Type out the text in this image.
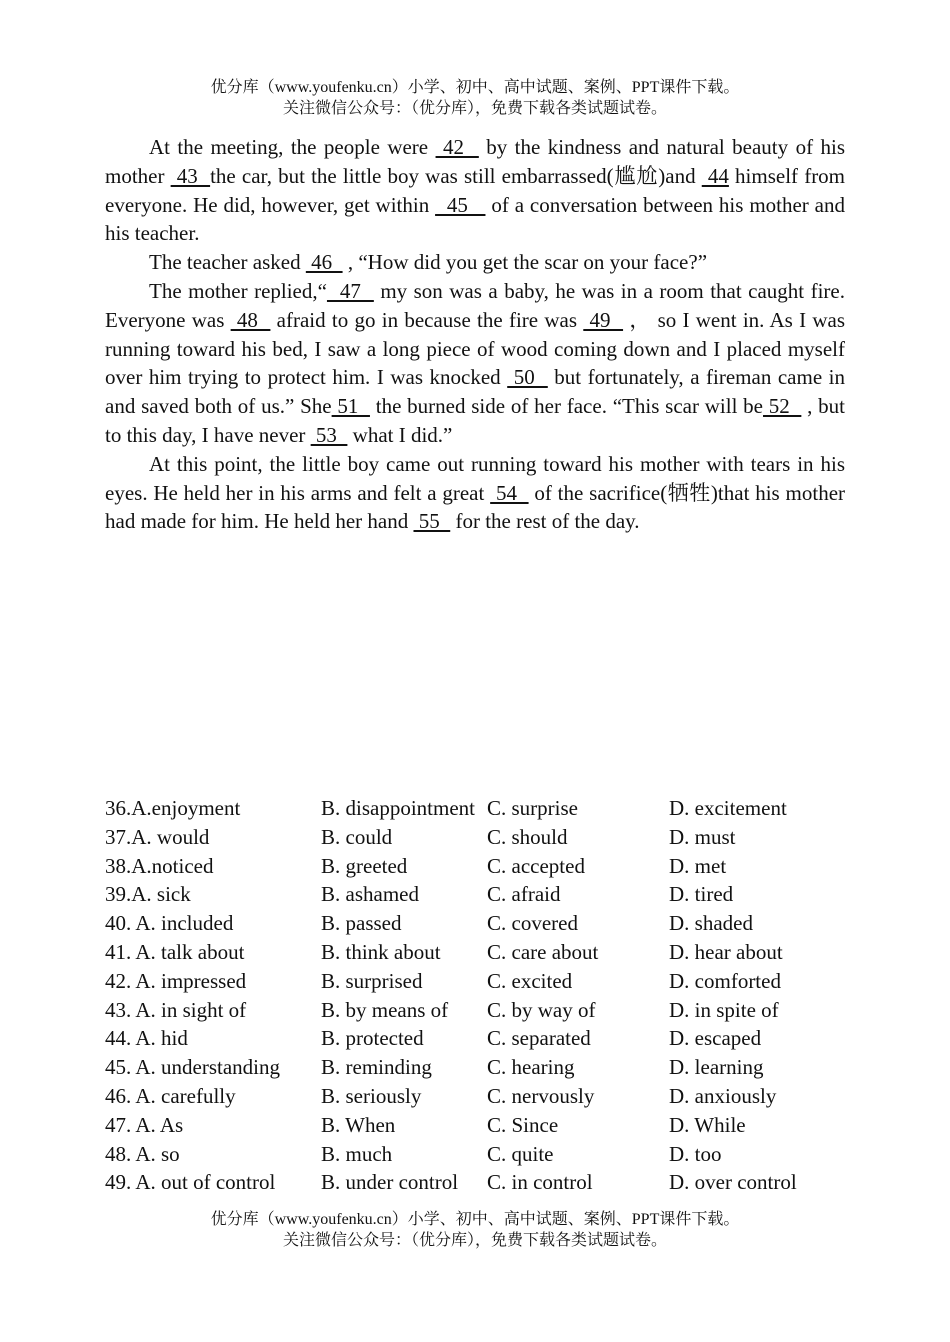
优分库（www.youfenku.cn）小学、初中、高中试题、案例、PPT课件下载。
关注微信公众号：（优分库），免费下载各类试题试卷。

At the meeting, the people were  42   by the kindness and natural beauty of his mother  43  the car, but the little boy was still embarrassed(尴尬)and  44 himself from everyone. He did, however, get within   45    of a conversation between his mother and his teacher.

The teacher asked  46   , “How did you get the scar on your face?”

The mother replied,“  47   my son was a baby, he was in a room that caught fire. Everyone was  48   afraid to go in because the fire was  49   ， so I went in. As I was running toward his bed, I saw a long piece of wood coming down and I placed myself over him trying to protect him. I was knocked  50   but fortunately, a fireman came in and saved both of us.” She 51   the burned side of her face. “This scar will be 52   , but to this day, I have never  53   what I did.”

At this point, the little boy came out running toward his mother with tears in his eyes. He held her in his arms and felt a great  54   of the sacrifice(牺牲)that his mother had made for him. He held her hand  55   for the rest of the day.

36.A.enjoyment	B. disappointment C. surprise	D. excitement
37.A. would	B. could	C. should	D. must
38.A.noticed	B. greeted	C. accepted	D. met
39.A. sick	B. ashamed	C. afraid	D. tired
40. A. included	B. passed	C. covered	D. shaded
41. A. talk about	B. think about	C. care about	D. hear about
42. A. impressed	B. surprised	C. excited	D. comforted
43. A. in sight of	B. by means of	C. by way of	D. in spite of
44. A. hid	B. protected	C. separated	D. escaped
45. A. understanding	B. reminding	C. hearing	D. learning
46. A. carefully	B. seriously	C. nervously	D. anxiously
47. A. As	B. When	C. Since	D. While
48. A. so	B. much	C. quite	D. too
49. A. out of control	B. under control	C. in control	D. over control
优分库（www.youfenku.cn）小学、初中、高中试题、案例、PPT课件下载。
关注微信公众号：（优分库），免费下载各类试题试卷。
